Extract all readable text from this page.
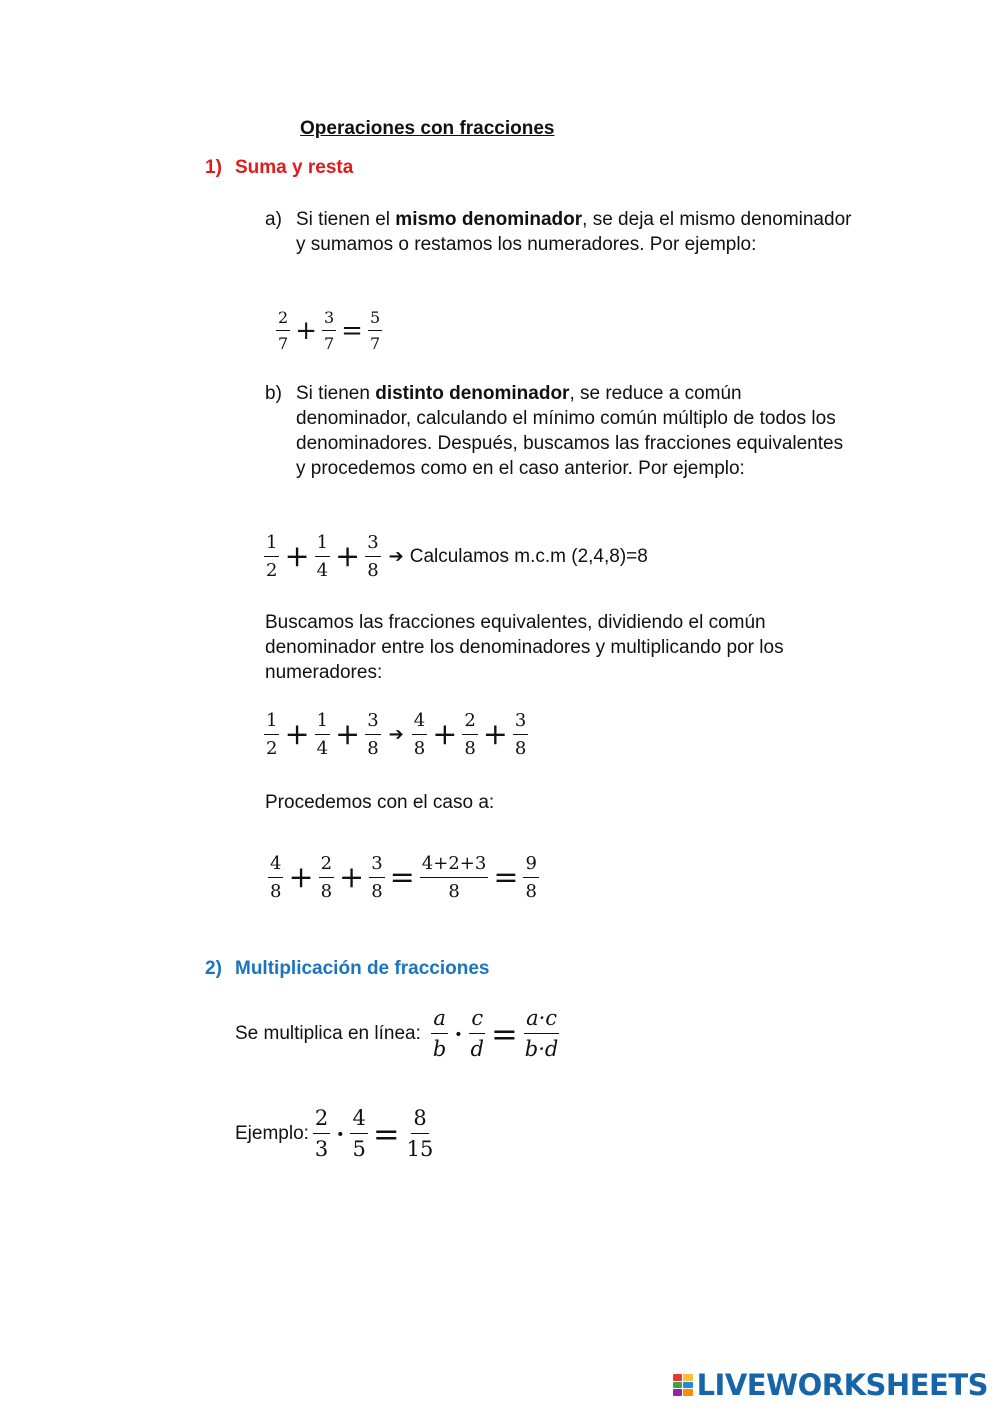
Operaciones con fracciones
1) Suma y resta
a) Si tienen el mismo denominador, se deja el mismo denominador y sumamos o restamos los numeradores. Por ejemplo:
$\frac{2}{7} + \frac{3}{7} = \frac{5}{7}$
b) Si tienen distinto denominador, se reduce a común denominador, calculando el mínimo común múltiplo de todos los denominadores. Después, buscamos las fracciones equivalentes y procedemos como en el caso anterior. Por ejemplo:
$\frac{1}{2} + \frac{1}{4} + \frac{3}{8}$ ➔ Calculamos m.c.m (2,4,8)=8
Buscamos las fracciones equivalentes, dividiendo el común denominador entre los denominadores y multiplicando por los numeradores:
$\frac{1}{2} + \frac{1}{4} + \frac{3}{8}$ ➔ $\frac{4}{8} + \frac{2}{8} + \frac{3}{8}$
Procedemos con el caso a:
$\frac{4}{8} + \frac{2}{8} + \frac{3}{8} = \frac{4+2+3}{8} = \frac{9}{8}$
2) Multiplicación de fracciones
Se multiplica en línea: $\frac{a}{b} \cdot \frac{c}{d} = \frac{a\cdot c}{b\cdot d}$
Ejemplo: $\frac{2}{3} \cdot \frac{4}{5} = \frac{8}{15}$
LIVEWORKSHEETS
